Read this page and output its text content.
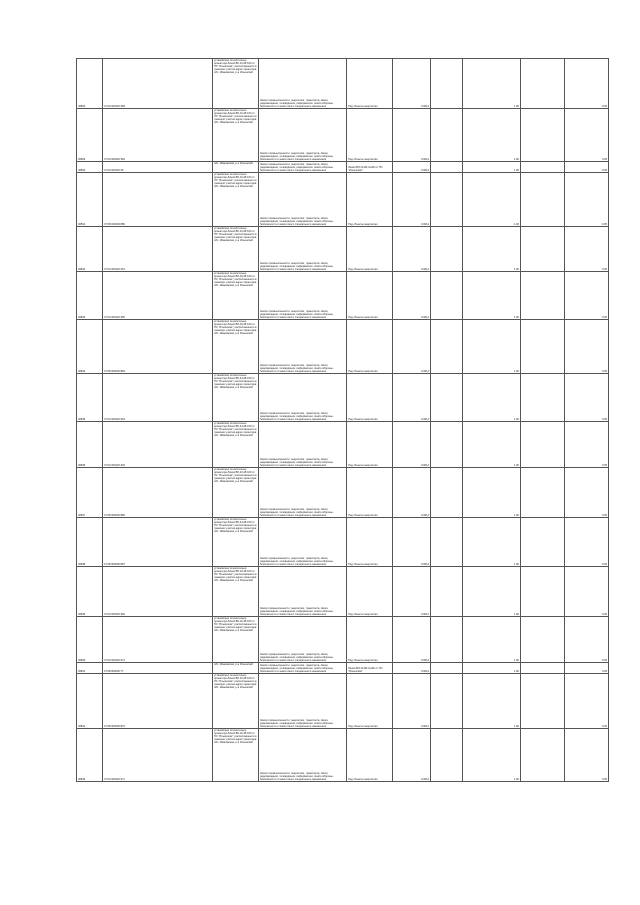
36826	37:04:000220:383	установлено относительно ориентира Линия ВЛ-10 кВ 100 от ПС "Ильинская", расположенного в границах участка адрес ориентира: обл. Ивановская, р-н Ильинский	Земли промышленности, энергетики, транспорта, связи, радиовещания, телевидения, информатики, земли обороны, безопасности и земли иного специального назначения	Под объекты энергетики	0.0014		1.00		0.05
36829	37:04:000220:384	установлено относительно ориентира Линия ВЛ-10 кВ 100 от ПС "Ильинская", расположенного в границах участка адрес ориентира: обл. Ивановская, р-н Ильинский	Земли промышленности, энергетики, транспорта, связи, радиовещания, телевидения, информатики, земли обороны, безопасности и земли иного специального назначения	Под объекты энергетики	0.0014		1.00		0.05
36830	37:04:000220:35	обл. Ивановская, р-н Ильинский	Земли промышленности, энергетики, транспорта, связи, радиовещания, телевидения, информатики, земли обороны, безопасности и земли иного специального назначения	Линия ВЛ-10 кВ №100 от ПС "Ильинская"	0.0014		1.00		0.05
36831	37:08:000000:880	установлено относительно ориентира Линия ВЛ-10 кВ 100 от ПС "Ильинская", расположенного в границах участка адрес ориентира: обл. Ивановская, р-н Ильинский	Земли промышленности, энергетики, транспорта, связи, радиовещания, телевидения, информатики, земли обороны, безопасности и земли иного специального назначения	Под объекты энергетики	0.0014		1.00		0.05
36832	37:04:000220:361	установлено относительно ориентира Линия ВЛ-10 кВ 100 от ПС "Ильинская", расположенного в границах участка адрес ориентира: обл. Ивановская, р-н Ильинский	Земли промышленности, энергетики, транспорта, связи, радиовещания, телевидения, информатики, земли обороны, безопасности и земли иного специального назначения	Под объекты энергетики	0.0014		1.00		0.05
36833	37:04:000220:355	установлено относительно ориентира Линия ВЛ-10 кВ 100 от ПС "Ильинская", расположенного в границах участка адрес ориентира: обл. Ивановская, р-н Ильинский	Земли промышленности, энергетики, транспорта, связи, радиовещания, телевидения, информатики, земли обороны, безопасности и земли иного специального назначения	Под объекты энергетики	0.0014		1.00		0.05
36834	37:08:000000:883	установлено относительно ориентира Линия ВЛ-10 кВ 100 от ПС "Ильинская", расположенного в границах участка адрес ориентира: обл. Ивановская, р-н Ильинский	Земли промышленности, энергетики, транспорта, связи, радиовещания, телевидения, информатики, земли обороны, безопасности и земли иного специального назначения	Под объекты энергетики	0.0014		1.00		0.05
36835	37:04:000220:364	установлено относительно ориентира Линия ВЛ-10 кВ 100 от ПС "Ильинская", расположенного в границах участка адрес ориентира: обл. Ивановская, р-н Ильинский	Земли промышленности, энергетики, транспорта, связи, радиовещания, телевидения, информатики, земли обороны, безопасности и земли иного специального назначения	Под объекты энергетики	0.0014		1.00		0.05
36836	37:04:000220:345	установлено относительно ориентира Линия ВЛ-10 кВ 100 от ПС "Ильинская", расположенного в границах участка адрес ориентира: обл. Ивановская, р-н Ильинский	Земли промышленности, энергетики, транспорта, связи, радиовещания, телевидения, информатики, земли обороны, безопасности и земли иного специального назначения	Под объекты энергетики	0.0014		1.00		0.05
36837	37:08:000000:886	установлено относительно ориентира Линия ВЛ-10 кВ 100 от ПС "Ильинская", расположенного в границах участка адрес ориентира: обл. Ивановская, р-н Ильинский	Земли промышленности, энергетики, транспорта, связи, радиовещания, телевидения, информатики, земли обороны, безопасности и земли иного специального назначения	Под объекты энергетики	0.0014		1.00		0.05
36838	37:08:000000:887	установлено относительно ориентира Линия ВЛ-10 кВ 100 от ПС "Ильинская", расположенного в границах участка адрес ориентира: обл. Ивановская, р-н Ильинский	Земли промышленности, энергетики, транспорта, связи, радиовещания, телевидения, информатики, земли обороны, безопасности и земли иного специального назначения	Под объекты энергетики	0.0014		1.00		0.05
36839	37:04:000220:360	установлено относительно ориентира Линия ВЛ-10 кВ 100 от ПС "Ильинская", расположенного в границах участка адрес ориентира: обл. Ивановская, р-н Ильинский	Земли промышленности, энергетики, транспорта, связи, радиовещания, телевидения, информатики, земли обороны, безопасности и земли иного специального назначения	Под объекты энергетики	0.0014		1.00		0.05
36840	37:04:000220:374	установлено относительно ориентира Линия ВЛ-10 кВ 100 от ПС "Ильинская", расположенного в границах участка адрес ориентира: обл. Ивановская, р-н Ильинский	Земли промышленности, энергетики, транспорта, связи, радиовещания, телевидения, информатики, земли обороны, безопасности и земли иного специального назначения	Под объекты энергетики	0.0014		1.00		0.05
36841	37:08:000000:77	обл. Ивановская, р-н Ильинский	Земли промышленности, энергетики, транспорта, связи, радиовещания, телевидения, информатики, земли обороны, безопасности и земли иного специального назначения	Линия ВЛ-10 кВ №100 от ПС "Ильинская"	0.0014		1.00		0.05
36842	37:08:000000:870	установлено относительно ориентира Линия ВЛ-10 кВ 100 от ПС "Ильинская", расположенного в границах участка адрес ориентира: обл. Ивановская, р-н Ильинский	Земли промышленности, энергетики, транспорта, связи, радиовещания, телевидения, информатики, земли обороны, безопасности и земли иного специального назначения	Под объекты энергетики	0.0014		1.00		0.05
36843	37:04:000220:371	установлено относительно ориентира Линия ВЛ-10 кВ 100 от ПС "Ильинская", расположенного в границах участка адрес ориентира: обл. Ивановская, р-н Ильинский	Земли промышленности, энергетики, транспорта, связи, радиовещания, телевидения, информатики, земли обороны, безопасности и земли иного специального назначения	Под объекты энергетики	0.0014		1.00		0.05
